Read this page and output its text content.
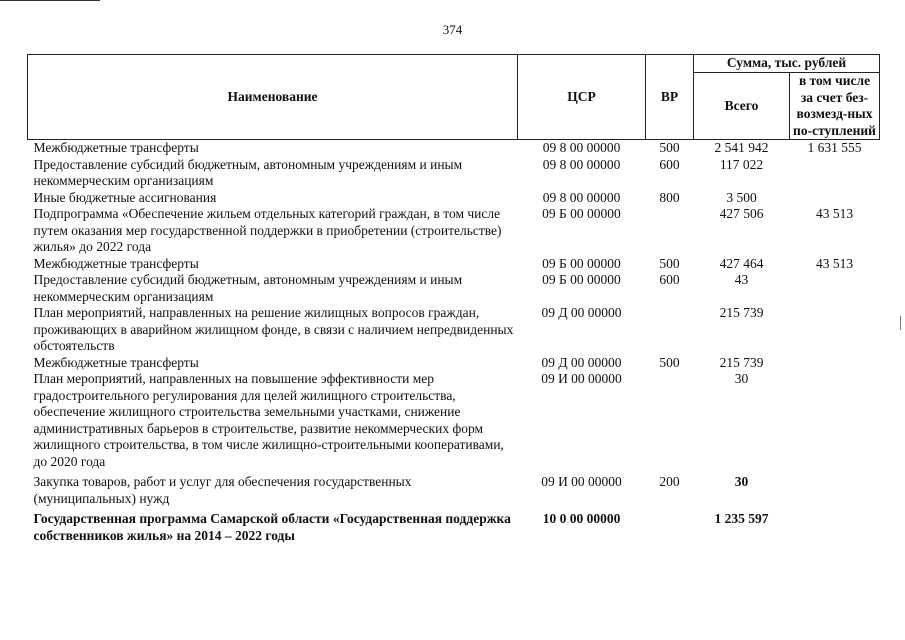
374
Наименование	ЦСР	ВР	Сумма, тыс. рублей	
			Всего	в том числе за счет без-возмезд-ных по-ступлений
Межбюджетные трансферты	09 8 00 00000	500	2 541 942	1 631 555
Предоставление субсидий бюджетным, автономным учреждениям и иным некоммерческим организациям	09 8 00 00000	600	117 022	
Иные бюджетные ассигнования	09 8 00 00000	800	3 500	
Подпрограмма «Обеспечение жильем отдельных категорий граждан, в том числе путем оказания мер государственной поддержки в приобретении (строительстве) жилья» до 2022 года	09 Б 00 00000		427 506	43 513
Межбюджетные трансферты	09 Б 00 00000	500	427 464	43 513
Предоставление субсидий бюджетным, автономным учреждениям и иным некоммерческим организациям	09 Б 00 00000	600	43	
План мероприятий, направленных на решение жилищных вопросов граждан, проживающих в аварийном жилищном фонде, в связи с наличием непредвиденных обстоятельств	09 Д 00 00000		215 739	
Межбюджетные трансферты	09 Д 00 00000	500	215 739	
План мероприятий, направленных на повышение эффективности мер градостроительного регулирования для целей жилищного строительства, обеспечение жилищного строительства земельными участками, снижение административных барьеров в строительстве, развитие некоммерческих форм жилищного строительства, в том числе жилищно-строительными кооперативами, до 2020 года	09 И 00 00000		30	
Закупка товаров, работ и услуг для обеспечения государственных (муниципальных) нужд	09 И 00 00000	200	30	
Государственная программа Самарской области «Государственная поддержка собственников жилья» на 2014 – 2022 годы	10 0 00 00000		1 235 597	
